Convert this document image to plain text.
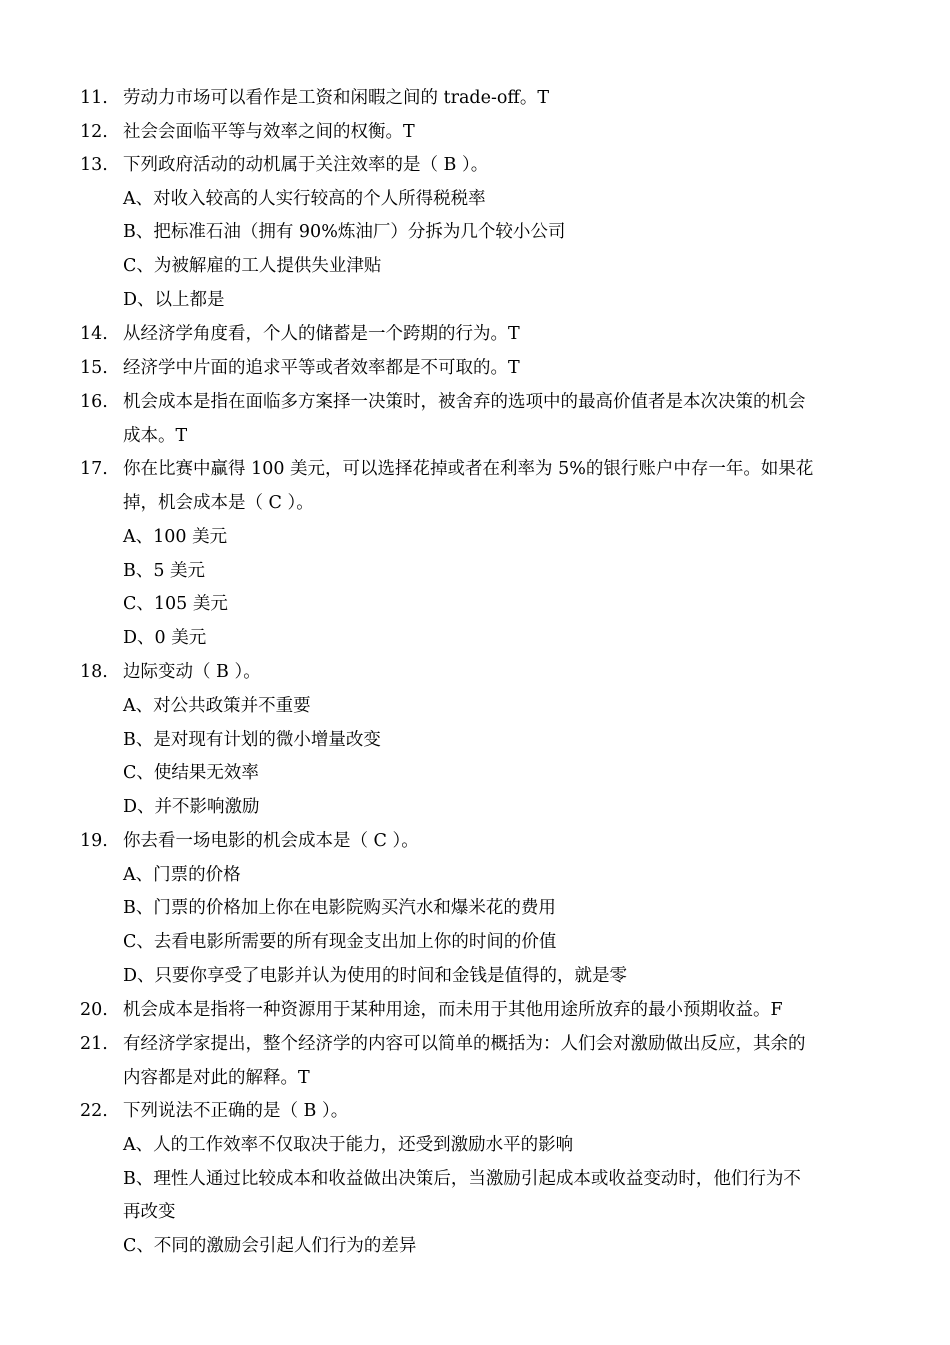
11. 劳动力市场可以看作是工资和闲暇之间的 trade-off。T
12. 社会会面临平等与效率之间的权衡。T
13. 下列政府活动的动机属于关注效率的是（ B ）。
A、对收入较高的人实行较高的个人所得税税率
B、把标准石油（拥有 90%炼油厂）分拆为几个较小公司
C、为被解雇的工人提供失业津贴
D、以上都是
14. 从经济学角度看，个人的储蓄是一个跨期的行为。T
15. 经济学中片面的追求平等或者效率都是不可取的。T
16. 机会成本是指在面临多方案择一决策时，被舍弃的选项中的最高价值者是本次决策的机会
成本。T
17. 你在比赛中赢得 100 美元，可以选择花掉或者在利率为 5%的银行账户中存一年。如果花
掉，机会成本是（ C ）。
A、100 美元
B、5 美元
C、105 美元
D、0 美元
18. 边际变动（ B ）。
A、对公共政策并不重要
B、是对现有计划的微小增量改变
C、使结果无效率
D、并不影响激励
19. 你去看一场电影的机会成本是（ C ）。
A、门票的价格
B、门票的价格加上你在电影院购买汽水和爆米花的费用
C、去看电影所需要的所有现金支出加上你的时间的价值
D、只要你享受了电影并认为使用的时间和金钱是值得的，就是零
20. 机会成本是指将一种资源用于某种用途，而未用于其他用途所放弃的最小预期收益。F
21. 有经济学家提出，整个经济学的内容可以简单的概括为：人们会对激励做出反应，其余的
内容都是对此的解释。T
22. 下列说法不正确的是（ B ）。
A、人的工作效率不仅取决于能力，还受到激励水平的影响
B、理性人通过比较成本和收益做出决策后，当激励引起成本或收益变动时，他们行为不
再改变
C、不同的激励会引起人们行为的差异
